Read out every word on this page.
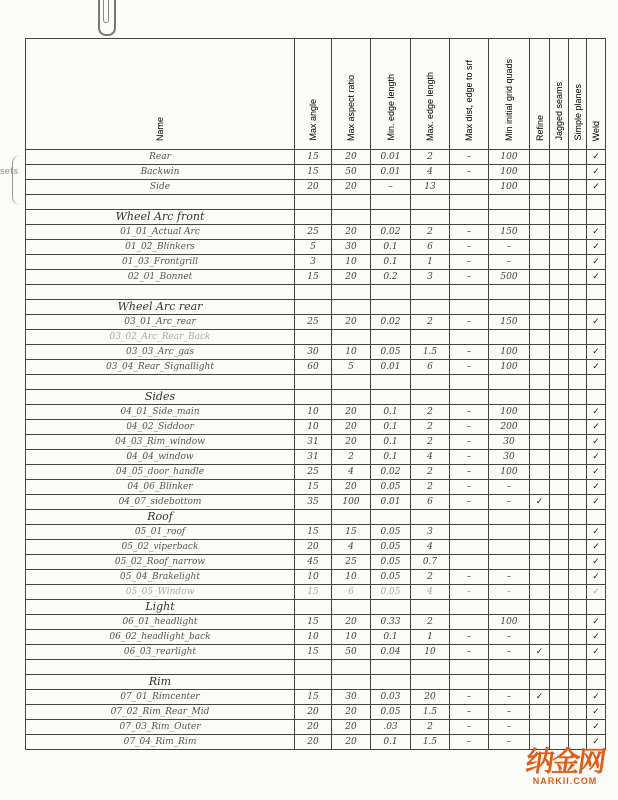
sets
Name	Max angle	Max aspect ratio	Min. edge length	Max. edge length	Max dist, edge to srf	Min initial grid quads	Refine	Jagged seams	Simple planes	Weld
Rear	15	20	0.01	2	–	100				✓
Backwin	15	50	0.01	4	–	100				✓
Side	20	20	–	13		100				✓

Wheel Arc front										
01_01_Actual Arc	25	20	0.02	2	–	150				✓
01_02_Blinkers	5	30	0.1	6	–	–				✓
01_03_Frontgrill	3	10	0.1	1	–	–				✓
02_01_Bonnet	15	20	0.2	3	–	500				✓

Wheel Arc rear										
03_01_Arc_rear	25	20	0.02	2	–	150				✓
03_02_Arc_Rear_Back										
03_03_Arc_gas	30	10	0.05	1.5	–	100				✓
03_04_Rear_Signallight	60	5	0.01	6	–	100				✓

Sides										
04_01_Side_main	10	20	0.1	2	–	100				✓
04_02_Siddoor	10	20	0.1	2	–	200				✓
04_03_Rim_window	31	20	0.1	2	–	30				✓
04_04_window	31	2	0.1	4	–	30				✓
04_05_door_handle	25	4	0.02	2	–	100				✓
04_06_Blinker	15	20	0.05	2	–	–				✓
04_07_sidebottom	35	100	0.01	6	–	–	✓			✓
Roof										
05_01_roof	15	15	0.05	3						✓
05_02_viperback	20	4	0.05	4						✓
05_02_Roof_narrow	45	25	0.05	0.7						✓
05_04_Brakelight	10	10	0.05	2	–	–				✓
05_05_Window	15	6	0.05	4	–	–				✓
Light										
06_01_headlight	15	20	0.33	2		100				✓
06_02_headlight_back	10	10	0.1	1	–	–				✓
06_03_rearlight	15	50	0.04	10	–	–	✓			✓

Rim										
07_01_Rimcenter	15	30	0.03	20	–	–	✓			✓
07_02_Rim_Rear_Mid	20	20	0.05	1.5	–	–				✓
07_03_Rim_Outer	20	20	.03	2	–	–				✓
07_04_Rim_Rim	20	20	0.1	1.5	–	–				✓
纳金网
NARKII.COM
